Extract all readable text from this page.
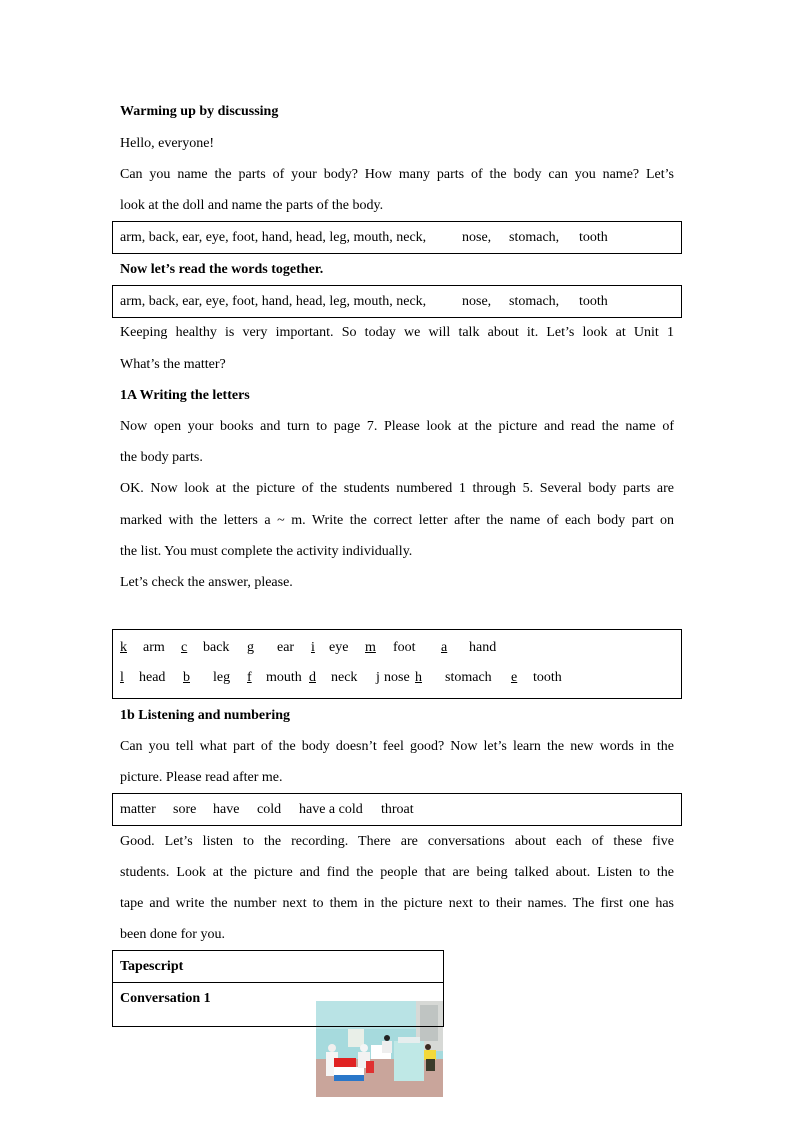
Warming up by discussing
Hello, everyone!
Can you name the parts of your body? How many parts of the body can you name? Let’s
look at the doll and name the parts of the body.
arm, back, ear, eye, foot, hand, head, leg, mouth, neck,	nose, stomach, tooth
Now let’s read the words together.
arm, back, ear, eye, foot, hand, head, leg, mouth, neck,	nose, stomach, tooth
Keeping healthy is very important. So today we will talk about it. Let’s look at Unit 1
What’s the matter?
1A Writing the letters
Now open your books and turn to page 7. Please look at the picture and read the name of
the body parts.
OK. Now look at the picture of the students numbered 1 through 5. Several body parts are
marked with the letters a ~ m. Write the correct letter after the name of each body part on
the list. You must complete the activity individually.
Let’s check the answer, please.
k arm c back g ear i eye m foot a hand
l head b leg f mouth d neck j nose h stomach e tooth
1b Listening and numbering
Can you tell what part of the body doesn’t feel good? Now let’s learn the new words in the
picture. Please read after me.
matter sore have cold have a cold throat
Good. Let’s listen to the recording. There are conversations about each of these five
students. Look at the picture and find the people that are being talked about. Listen to the
tape and write the number next to them in the picture next to their names. The first one has
been done for you.
Tapescript
Conversation 1
